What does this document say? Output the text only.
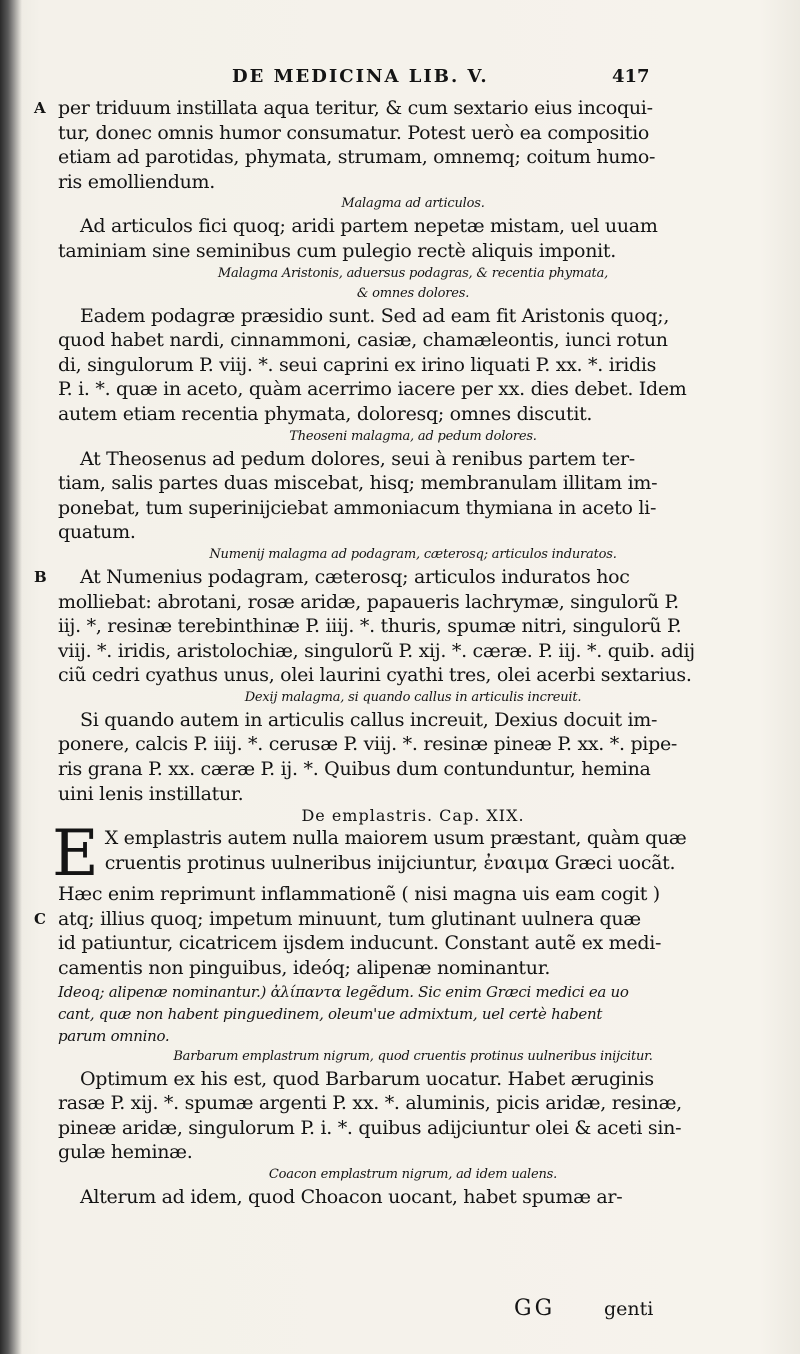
DE MEDICINA LIB. V.	417
A per triduum instillata aqua teritur, & cum sextario eius incoqui-
tur, donec omnis humor consumatur. Potest uerò ea compositio
etiam ad parotidas, phymata, strumam, omnemq; coitum humo-
ris emolliendum.
Malagma ad articulos.
Ad articulos fici quoq; aridi partem nepetæ mistam, uel uuam
taminiam sine seminibus cum pulegio rectè aliquis imponit.
Malagma Aristonis, aduersus podagras, & recentia phymata,
& omnes dolores.
Eadem podagræ præsidio sunt. Sed ad eam fit Aristonis quoq;,
quod habet nardi, cinnammoni, casiæ, chamæleontis, iunci rotun
di, singulorum P. viij. *. seui caprini ex irino liquati P. xx. *. iridis
P. i. *. quæ in aceto, quàm acerrimo iacere per xx. dies debet. Idem
autem etiam recentia phymata, doloresq; omnes discutit.
Theoseni malagma, ad pedum dolores.
At Theosenus ad pedum dolores, seui à renibus partem ter-
tiam, salis partes duas miscebat, hisq; membranulam illitam im-
ponebat, tum superinijciebat ammoniacum thymiana in aceto li-
quatum.
Numenij malagma ad podagram, cæterosq; articulos induratos.
B At Numenius podagram, cæterosq; articulos induratos hoc
molliebat: abrotani, rosæ aridæ, papaueris lachrymæ, singulorũ P.
iij. *, resinæ terebinthinæ P. iiij. *. thuris, spumæ nitri, singulorũ P.
viij. *. iridis, aristolochiæ, singulorũ P. xij. *. cæræ. P. iij. *. quib. adij
ciũ cedri cyathus unus, olei laurini cyathi tres, olei acerbi sextarius.
Dexij malagma, si quando callus in articulis increuit.
Si quando autem in articulis callus increuit, Dexius docuit im-
ponere, calcis P. iiij. *. cerusæ P. viij. *. resinæ pineæ P. xx. *. pipe-
ris grana P. xx. cæræ P. ij. *. Quibus dum contunduntur, hemina
uini lenis instillatur.
De emplastris. Cap. XIX.
E X emplastris autem nulla maiorem usum præstant, quàm quæ
cruentis protinus uulneribus inijciuntur, ἐναιμα Græci uocãt.
Hæc enim reprimunt inflammationẽ ( nisi magna uis eam cogit )
C atq; illius quoq; impetum minuunt, tum glutinant uulnera quæ
id patiuntur, cicatricem ijsdem inducunt. Constant autẽ ex medi-
camentis non pinguibus, ideóq; alipenæ nominantur.
Ideoq; alipenæ nominantur.) ἀλίπαντα legẽdum. Sic enim Græci medici ea uo
cant, quæ non habent pinguedinem, oleum'ue admixtum, uel certè habent
parum omnino.
Barbarum emplastrum nigrum, quod cruentis protinus uulneribus inijcitur.
Optimum ex his est, quod Barbarum uocatur. Habet æruginis
rasæ P. xij. *. spumæ argenti P. xx. *. aluminis, picis aridæ, resinæ,
pineæ aridæ, singulorum P. i. *. quibus adijciuntur olei & aceti sin-
gulæ heminæ.
Coacon emplastrum nigrum, ad idem ualens.
Alterum ad idem, quod Choacon uocant, habet spumæ ar-
GG	genti
